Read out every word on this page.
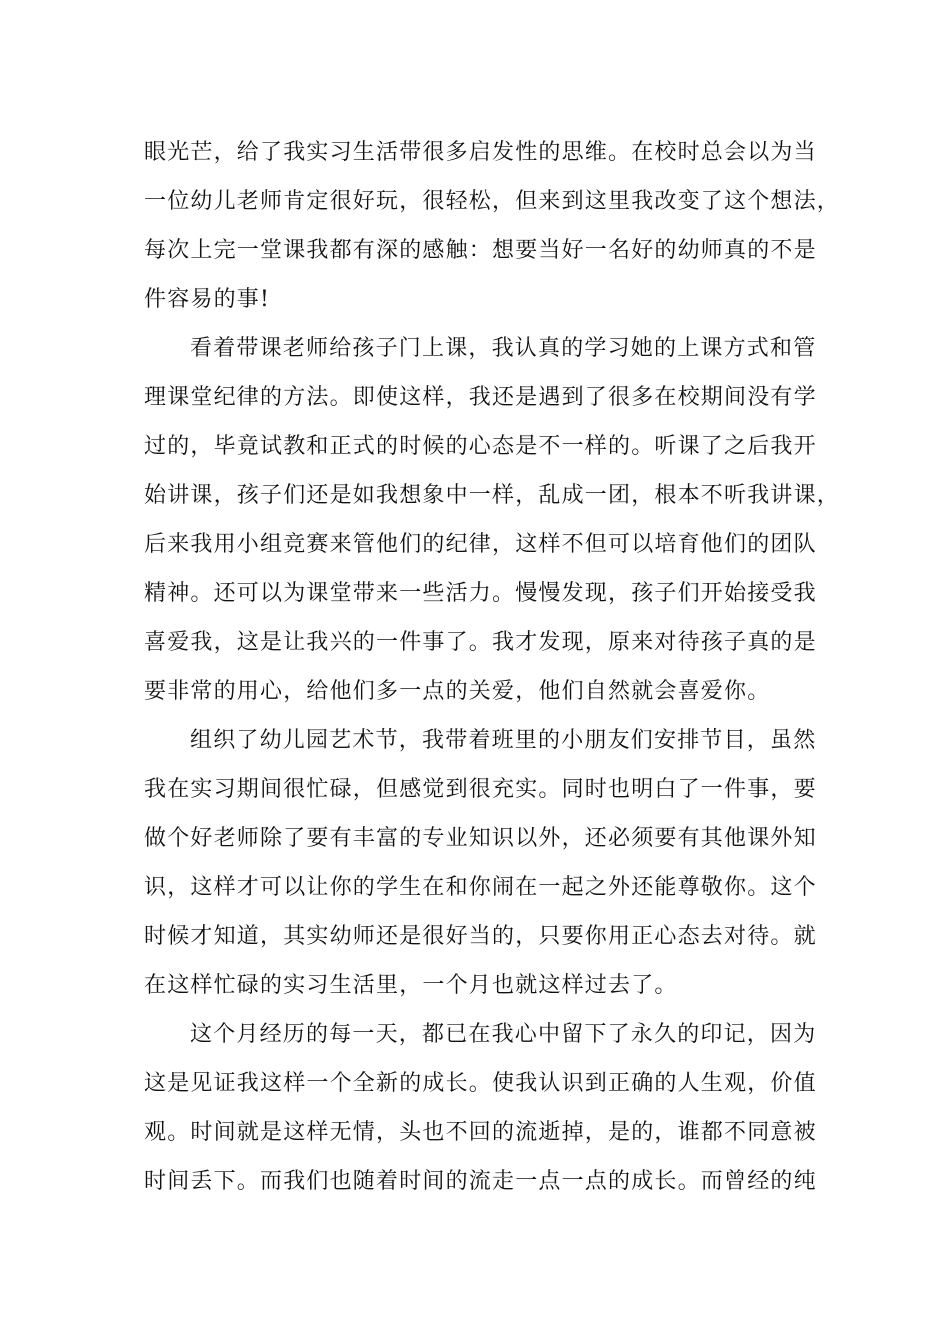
眼光芒，给了我实习生活带很多启发性的思维。在校时总会以为当
一位幼儿老师肯定很好玩，很轻松，但来到这里我改变了这个想法，
每次上完一堂课我都有深的感触：想要当好一名好的幼师真的不是
件容易的事!
看着带课老师给孩子门上课，我认真的学习她的上课方式和管
理课堂纪律的方法。即使这样，我还是遇到了很多在校期间没有学
过的，毕竟试教和正式的时候的心态是不一样的。听课了之后我开
始讲课，孩子们还是如我想象中一样，乱成一团，根本不听我讲课，
后来我用小组竞赛来管他们的纪律，这样不但可以培育他们的团队
精神。还可以为课堂带来一些活力。慢慢发现，孩子们开始接受我
喜爱我，这是让我兴的一件事了。我才发现，原来对待孩子真的是
要非常的用心，给他们多一点的关爱，他们自然就会喜爱你。
组织了幼儿园艺术节，我带着班里的小朋友们安排节目，虽然
我在实习期间很忙碌，但感觉到很充实。同时也明白了一件事，要
做个好老师除了要有丰富的专业知识以外，还必须要有其他课外知
识，这样才可以让你的学生在和你闹在一起之外还能尊敬你。这个
时候才知道，其实幼师还是很好当的，只要你用正心态去对待。就
在这样忙碌的实习生活里，一个月也就这样过去了。
这个月经历的每一天，都已在我心中留下了永久的印记，因为
这是见证我这样一个全新的成长。使我认识到正确的人生观，价值
观。时间就是这样无情，头也不回的流逝掉，是的，谁都不同意被
时间丢下。而我们也随着时间的流走一点一点的成长。而曾经的纯
